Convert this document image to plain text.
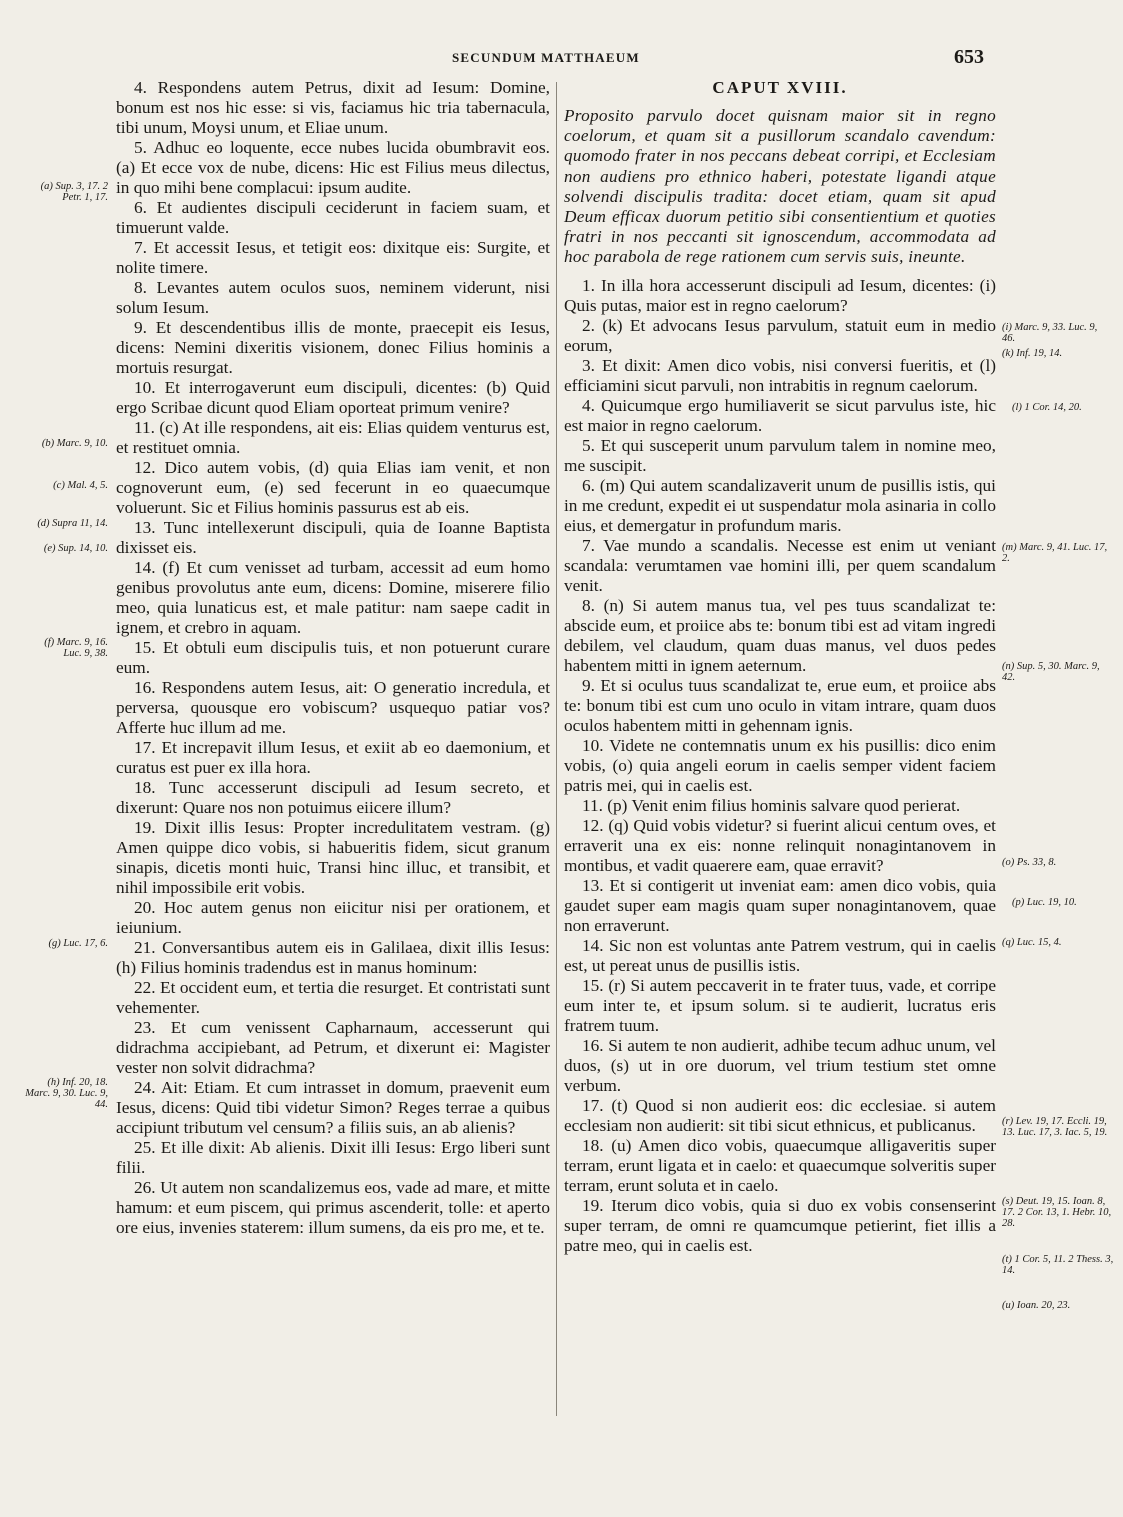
SECUNDUM MATTHAEUM	653

4. Respondens autem Petrus, dixit ad Iesum: Domine, bonum est nos hic esse: si vis, faciamus hic tria tabernacula, tibi unum, Moysi unum, et Eliae unum.

5. Adhuc eo loquente, ecce nubes lucida obumbravit eos. (a) Et ecce vox de nube, dicens: Hic est Filius meus dilectus, in quo mihi bene complacui: ipsum audite.

6. Et audientes discipuli ceciderunt in faciem suam, et timuerunt valde.

7. Et accessit Iesus, et tetigit eos: dixitque eis: Surgite, et nolite timere.

8. Levantes autem oculos suos, neminem viderunt, nisi solum Iesum.

9. Et descendentibus illis de monte, praecepit eis Iesus, dicens: Nemini dixeritis visionem, donec Filius hominis a mortuis resurgat.

10. Et interrogaverunt eum discipuli, dicentes: (b) Quid ergo Scribae dicunt quod Eliam oporteat primum venire?

11. (c) At ille respondens, ait eis: Elias quidem venturus est, et restituet omnia.

12. Dico autem vobis, (d) quia Elias iam venit, et non cognoverunt eum, (e) sed fecerunt in eo quaecumque voluerunt. Sic et Filius hominis passurus est ab eis.

13. Tunc intellexerunt discipuli, quia de Ioanne Baptista dixisset eis.

14. (f) Et cum venisset ad turbam, accessit ad eum homo genibus provolutus ante eum, dicens: Domine, miserere filio meo, quia lunaticus est, et male patitur: nam saepe cadit in ignem, et crebro in aquam.

15. Et obtuli eum discipulis tuis, et non potuerunt curare eum.

16. Respondens autem Iesus, ait: O generatio incredula, et perversa, quousque ero vobiscum? usquequo patiar vos? Afferte huc illum ad me.

17. Et increpavit illum Iesus, et exiit ab eo daemonium, et curatus est puer ex illa hora.

18. Tunc accesserunt discipuli ad Iesum secreto, et dixerunt: Quare nos non potuimus eiicere illum?

19. Dixit illis Iesus: Propter incredulitatem vestram. (g) Amen quippe dico vobis, si habueritis fidem, sicut granum sinapis, dicetis monti huic, Transi hinc illuc, et transibit, et nihil impossibile erit vobis.

20. Hoc autem genus non eiicitur nisi per orationem, et ieiunium.

21. Conversantibus autem eis in Galilaea, dixit illis Iesus: (h) Filius hominis tradendus est in manus hominum:

22. Et occident eum, et tertia die resurget. Et contristati sunt vehementer.

23. Et cum venissent Capharnaum, accesserunt qui didrachma accipiebant, ad Petrum, et dixerunt ei: Magister vester non solvit didrachma?

24. Ait: Etiam. Et cum intrasset in domum, praevenit eum Iesus, dicens: Quid tibi videtur Simon? Reges terrae a quibus accipiunt tributum vel censum? a filiis suis, an ab alienis?

25. Et ille dixit: Ab alienis. Dixit illi Iesus: Ergo liberi sunt filii.

26. Ut autem non scandalizemus eos, vade ad mare, et mitte hamum: et eum piscem, qui primus ascenderit, tolle: et aperto ore eius, invenies staterem: illum sumens, da eis pro me, et te.

(a) Sup. 3, 17. 2 Petr. 1, 17.
(b) Marc. 9, 10.
(c) Mal. 4, 5.
(d) Supra 11, 14.
(e) Sup. 14, 10.
(f) Marc. 9, 16. Luc. 9, 38.
(g) Luc. 17, 6.
(h) Inf. 20, 18. Marc. 9, 30. Luc. 9, 44.
CAPUT XVIII.

Proposito parvulo docet quisnam maior sit in regno coelorum, et quam sit a pusillorum scandalo cavendum: quomodo frater in nos peccans debeat corripi, et Ecclesiam non audiens pro ethnico haberi, potestate ligandi atque solvendi discipulis tradita: docet etiam, quam sit apud Deum efficax duorum petitio sibi consentientium et quoties fratri in nos peccanti sit ignoscendum, accommodata ad hoc parabola de rege rationem cum servis suis, ineunte.

1. In illa hora accesserunt discipuli ad Iesum, dicentes: (i) Quis putas, maior est in regno caelorum?

2. (k) Et advocans Iesus parvulum, statuit eum in medio eorum,

3. Et dixit: Amen dico vobis, nisi conversi fueritis, et (l) efficiamini sicut parvuli, non intrabitis in regnum caelorum.

4. Quicumque ergo humiliaverit se sicut parvulus iste, hic est maior in regno caelorum.

5. Et qui susceperit unum parvulum talem in nomine meo, me suscipit.

6. (m) Qui autem scandalizaverit unum de pusillis istis, qui in me credunt, expedit ei ut suspendatur mola asinaria in collo eius, et demergatur in profundum maris.

7. Vae mundo a scandalis. Necesse est enim ut veniant scandala: verumtamen vae homini illi, per quem scandalum venit.

8. (n) Si autem manus tua, vel pes tuus scandalizat te: abscide eum, et proiice abs te: bonum tibi est ad vitam ingredi debilem, vel claudum, quam duas manus, vel duos pedes habentem mitti in ignem aeternum.

9. Et si oculus tuus scandalizat te, erue eum, et proiice abs te: bonum tibi est cum uno oculo in vitam intrare, quam duos oculos habentem mitti in gehennam ignis.

10. Videte ne contemnatis unum ex his pusillis: dico enim vobis, (o) quia angeli eorum in caelis semper vident faciem patris mei, qui in caelis est.

11. (p) Venit enim filius hominis salvare quod perierat.

12. (q) Quid vobis videtur? si fuerint alicui centum oves, et erraverit una ex eis: nonne relinquit nonagintanovem in montibus, et vadit quaerere eam, quae erravit?

13. Et si contigerit ut inveniat eam: amen dico vobis, quia gaudet super eam magis quam super nonagintanovem, quae non erraverunt.

14. Sic non est voluntas ante Patrem vestrum, qui in caelis est, ut pereat unus de pusillis istis.

15. (r) Si autem peccaverit in te frater tuus, vade, et corripe eum inter te, et ipsum solum. si te audierit, lucratus eris fratrem tuum.

16. Si autem te non audierit, adhibe tecum adhuc unum, vel duos, (s) ut in ore duorum, vel trium testium stet omne verbum.

17. (t) Quod si non audierit eos: dic ecclesiae. si autem ecclesiam non audierit: sit tibi sicut ethnicus, et publicanus.

18. (u) Amen dico vobis, quaecumque alligaveritis super terram, erunt ligata et in caelo: et quaecumque solveritis super terram, erunt soluta et in caelo.

19. Iterum dico vobis, quia si duo ex vobis consenserint super terram, de omni re quamcumque petierint, fiet illis a patre meo, qui in caelis est.

(i) Marc. 9, 33. Luc. 9, 46.
(k) Inf. 19, 14.
(l) 1 Cor. 14, 20.
(m) Marc. 9, 41. Luc. 17, 2.
(n) Sup. 5, 30. Marc. 9, 42.
(o) Ps. 33, 8.
(p) Luc. 19, 10.
(q) Luc. 15, 4.
(r) Lev. 19, 17. Eccli. 19, 13. Luc. 17, 3. Iac. 5, 19.
(s) Deut. 19, 15. Ioan. 8, 17. 2 Cor. 13, 1. Hebr. 10, 28.
(t) 1 Cor. 5, 11. 2 Thess. 3, 14.
(u) Ioan. 20, 23.
